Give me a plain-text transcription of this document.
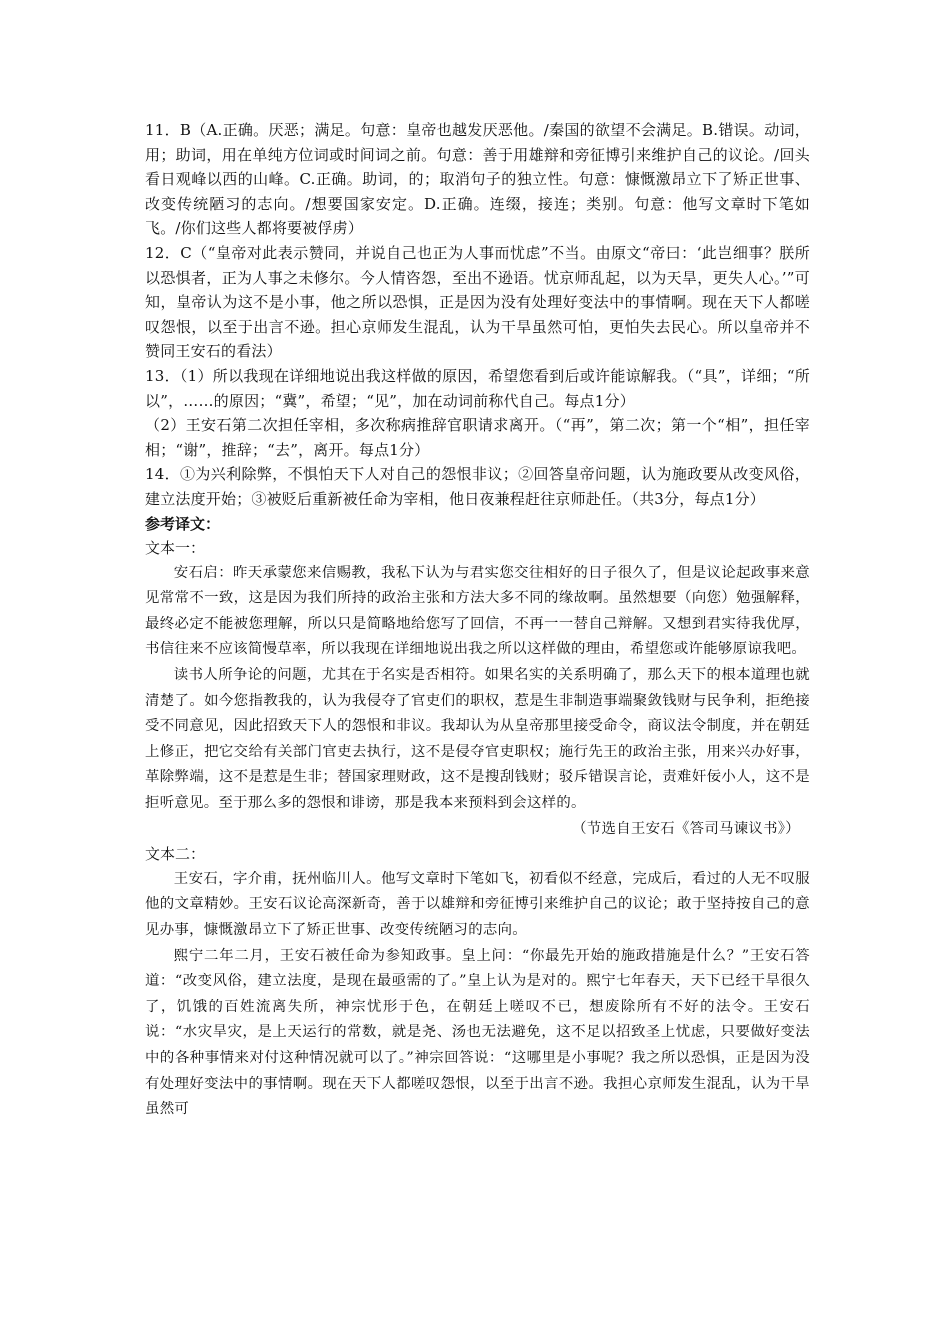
11．B（A.正确。厌恶；满足。句意：皇帝也越发厌恶他。/秦国的欲望不会满足。B.错误。动词，用；助词，用在单纯方位词或时间词之前。句意：善于用雄辩和旁征博引来维护自己的议论。/回头看日观峰以西的山峰。C.正确。助词，的；取消句子的独立性。句意：慷慨激昂立下了矫正世事、改变传统陋习的志向。/想要国家安定。D.正确。连缀，接连；类别。句意：他写文章时下笔如飞。/你们这些人都将要被俘虏）

12．C（“皇帝对此表示赞同，并说自己也正为人事而忧虑”不当。由原文“帝曰：‘此岂细事？朕所以恐惧者，正为人事之未修尔。今人情咨怨，至出不逊语。忧京师乱起，以为天旱，更失人心。’”可知，皇帝认为这不是小事，他之所以恐惧，正是因为没有处理好变法中的事情啊。现在天下人都嗟叹怨恨，以至于出言不逊。担心京师发生混乱，认为干旱虽然可怕，更怕失去民心。所以皇帝并不赞同王安石的看法）

13．（1）所以我现在详细地说出我这样做的原因，希望您看到后或许能谅解我。（“具”，详细；“所以”，……的原因；“冀”，希望；“见”，加在动词前称代自己。每点1分）

（2）王安石第二次担任宰相，多次称病推辞官职请求离开。（“再”，第二次；第一个“相”，担任宰相；“谢”，推辞；“去”，离开。每点1分）

14．①为兴利除弊，不惧怕天下人对自己的怨恨非议；②回答皇帝问题，认为施政要从改变风俗，建立法度开始；③被贬后重新被任命为宰相，他日夜兼程赶往京师赴任。（共3分，每点1分）

参考译文：
文本一：

安石启：昨天承蒙您来信赐教，我私下认为与君实您交往相好的日子很久了，但是议论起政事来意见常常不一致，这是因为我们所持的政治主张和方法大多不同的缘故啊。虽然想要（向您）勉强解释，最终必定不能被您理解，所以只是简略地给您写了回信，不再一一替自己辩解。又想到君实待我优厚，书信往来不应该简慢草率，所以我现在详细地说出我之所以这样做的理由，希望您或许能够原谅我吧。

读书人所争论的问题，尤其在于名实是否相符。如果名实的关系明确了，那么天下的根本道理也就清楚了。如今您指教我的，认为我侵夺了官吏们的职权，惹是生非制造事端聚敛钱财与民争利，拒绝接受不同意见，因此招致天下人的怨恨和非议。我却认为从皇帝那里接受命令，商议法令制度，并在朝廷上修正，把它交给有关部门官吏去执行，这不是侵夺官吏职权；施行先王的政治主张，用来兴办好事，革除弊端，这不是惹是生非；替国家理财政，这不是搜刮钱财；驳斥错误言论，责难奸佞小人，这不是拒听意见。至于那么多的怨恨和诽谤，那是我本来预料到会这样的。

（节选自王安石《答司马谏议书》）

文本二：

王安石，字介甫，抚州临川人。他写文章时下笔如飞，初看似不经意，完成后，看过的人无不叹服他的文章精妙。王安石议论高深新奇，善于以雄辩和旁征博引来维护自己的议论；敢于坚持按自己的意见办事，慷慨激昂立下了矫正世事、改变传统陋习的志向。

熙宁二年二月，王安石被任命为参知政事。皇上问：“你最先开始的施政措施是什么？”王安石答道：“改变风俗，建立法度，是现在最亟需的了。”皇上认为是对的。熙宁七年春天，天下已经干旱很久了，饥饿的百姓流离失所，神宗忧形于色，在朝廷上嗟叹不已，想废除所有不好的法令。王安石说：“水灾旱灾，是上天运行的常数，就是尧、汤也无法避免，这不足以招致圣上忧虑，只要做好变法中的各种事情来对付这种情况就可以了。”神宗回答说：“这哪里是小事呢？我之所以恐惧，正是因为没有处理好变法中的事情啊。现在天下人都嗟叹怨恨，以至于出言不逊。我担心京师发生混乱，认为干旱虽然可
